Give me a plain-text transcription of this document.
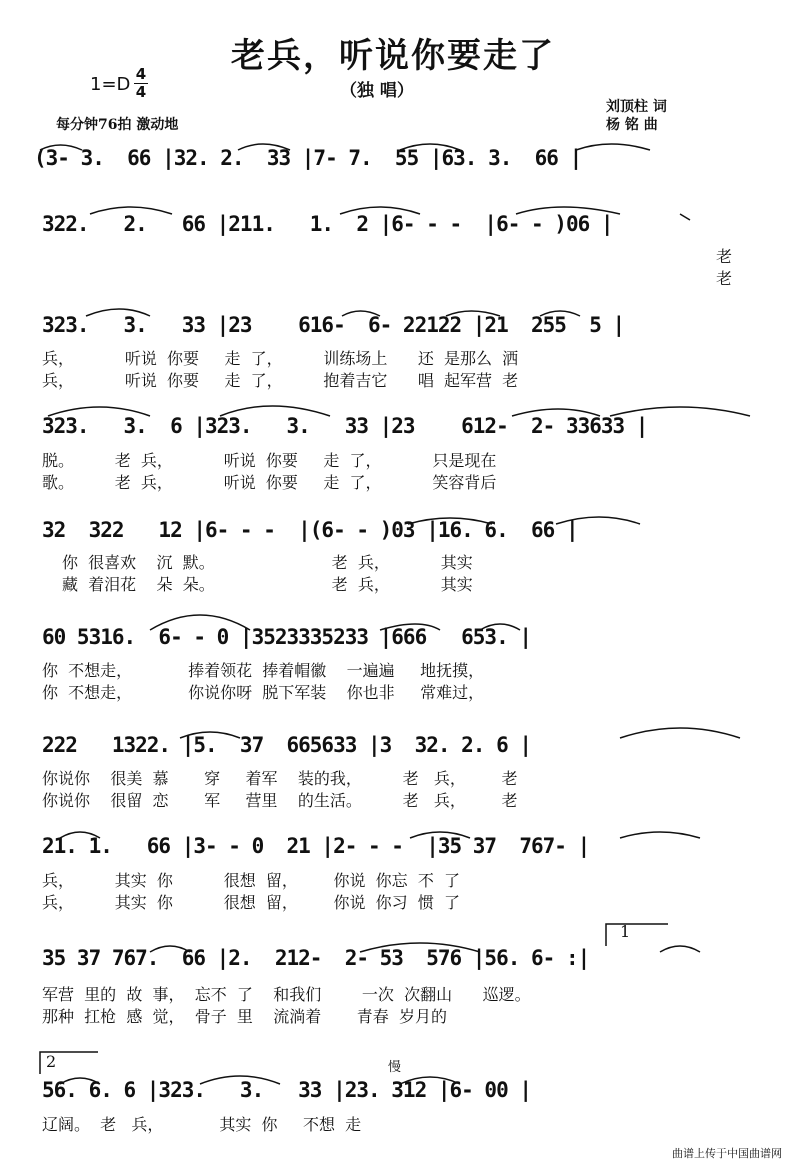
老兵，听说你要走了
1=D 4
4	（独 唱）
刘顶柱 词
杨 铭 曲
每分钟76拍 激动地
(3- 3.  66 |32. 2.  33 |7- 7.  55 |63. 3.  66 |
322.   2.   66 |211.   1.  2 |6- - -  |6- - )06 |
老
老
323.   3.   33 |23    616-  6- 22122 |21  255  5 |
兵，          听说  你要     走  了，        训练场上      还  是那么  洒
兵，          听说  你要     走  了，        抱着吉它      唱  起军营  老
323.   3.  6 |323.   3.   33 |23    612-  2- 33633 |
脱。        老  兵，          听说  你要     走  了，          只是现在
歌。        老  兵，          听说  你要     走  了，          笑容背后
32  322   12 |6- - -  |(6- - )03 |16. 6.  66 |
你  很喜欢    沉  默。                       老  兵，          其实
藏  着泪花    朵  朵。                       老  兵，          其实
60 5316.  6- - 0 |3523335233 |666   653. |
你  不想走，           捧着领花  捧着帽徽    一遍遍     地抚摸，
你  不想走，           你说你呀  脱下军装    你也非     常难过，
222   1322. |5.  37  665633 |3  32. 2. 6 |
你说你    很美  慕       穿     着军    装的我，        老   兵，       老
你说你    很留  恋       军     营里    的生活。        老   兵，       老
21. 1.   66 |3- - 0  21 |2- - -  |35 37  767- |
兵，        其实  你          很想  留，       你说  你忘  不  了
兵，        其实  你          很想  留，       你说  你习  惯  了
1
35 37 767.  66 |2.  212-  2- 53  576 |56. 6- :|
军营  里的  故  事，  忘不  了    和我们        一次  次翻山      巡逻。
那种  扛枪  感  觉，  骨子  里    流淌着       青春  岁月的
2	慢
56. 6. 6 |323.   3.   33 |23. 312 |6- 00 |
辽阔。  老   兵，           其实  你     不想  走
曲谱上传于中国曲谱网
